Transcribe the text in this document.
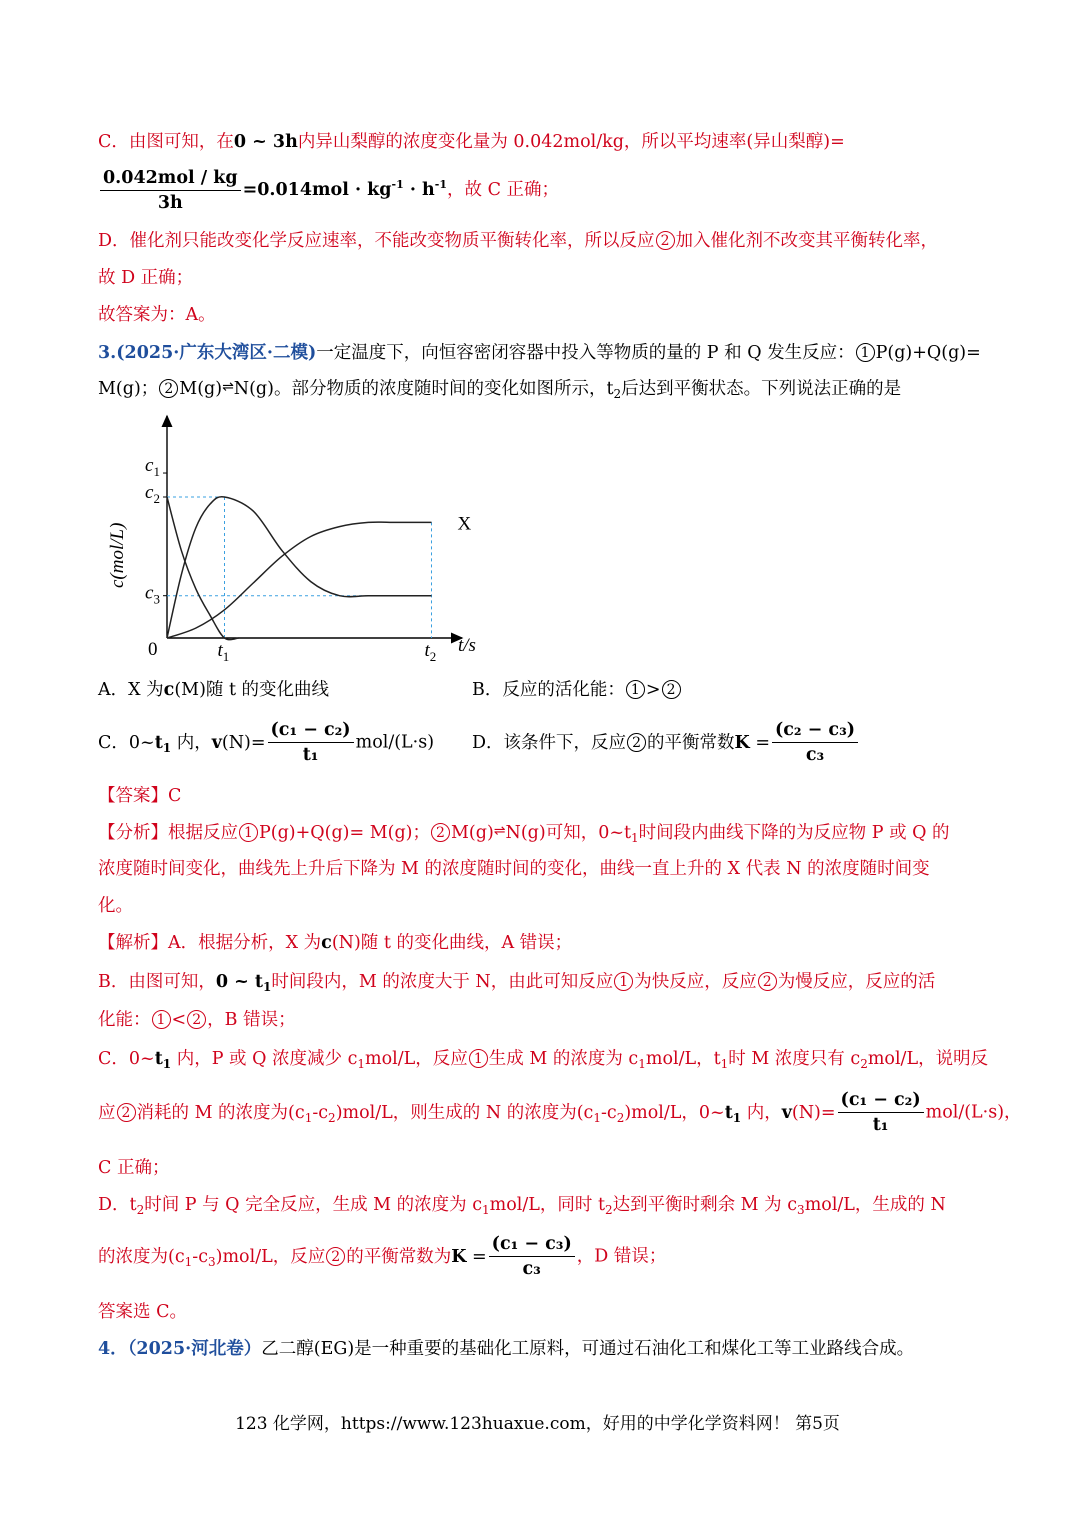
C．由图可知，在0 ~ 3h内异山梨醇的浓度变化量为 0.042mol/kg，所以平均速率(异山梨醇)=
$\frac{\text{0.042mol / kg}}{3h} =0.014mol \cdot kg^{-1} \cdot h^{-1}$，故 C 正确；
D．催化剂只能改变化学反应速率，不能改变物质平衡转化率，所以反应 2 加入催化剂不改变其平衡转化率，
故 D 正确；
故答案为：A。
3.(2025·广东大湾区·二模)一定温度下，向恒容密闭容器中投入等物质的量的 P 和 Q 发生反应： 1 P(g)+Q(g)=
M(g)； 2 M(g)⇌N(g)。部分物质的浓度随时间的变化如图所示，$t_2$后达到平衡状态。下列说法正确的是
$c_1$
$c_2$
$c_3$
$t_1$	$t_2$
0	t/s
X
c(mol/L)
A．X 为c(M)随 t 的变化曲线	B．反应的活化能： 1 > 2
C．$0\sim t_1$ 内，$v(N)= \frac{\text{(c₁ − c₂)}}{\text{t₁}} mol/(L\cdot s)$ D．该条件下，反应 2 的平衡常数$K = \frac{\text{(c₂ − c₃)}}{\text{c₃}}$
【答案】C
【分析】根据反应 1 P(g)+Q(g)= M(g)； 2 M(g)⇌N(g)可知，$0\sim t_1$时间段内曲线下降的为反应物 P 或 Q 的
浓度随时间变化，曲线先上升后下降为 M 的浓度随时间的变化，曲线一直上升的 X 代表 N 的浓度随时间变
化。
【解析】A．根据分析，X 为c(N)随 t 的变化曲线，A 错误；
B．由图可知，0 ~ $t_1$时间段内，M 的浓度大于 N，由此可知反应 1 为快反应，反应 2 为慢反应，反应的活
化能： 1 < 2 ，B 错误；
C．$0\sim t_1$ 内，P 或 Q 浓度减少 $c_1mol/L$，反应 1 生成 M 的浓度为 $c_1mol/L$，$t_1$时 M 浓度只有 $c_2mol/L$，说明反
应 2 消耗的 M 的浓度为$(c_1-c_2)mol/L$，则生成的 N 的浓度为$(c_1-c_2)mol/L$，$0\sim t_1$ 内，$v(N)= \frac{\text{(c₁ − c₂)}}{\text{t₁}} mol/(L\cdot s)$，
C 正确；
D．$t_2$时间 P 与 Q 完全反应，生成 M 的浓度为 $c_1mol/L$，同时 $t_2$达到平衡时剩余 M 为 $c_3mol/L$，生成的 N
的浓度为$(c_1-c_3)mol/L$，反应 2 的平衡常数为$K = \frac{\text{(c₁ − c₃)}}{\text{c₃}}$ ，D 错误；
答案选 C。
4．（2025·河北卷）乙二醇(EG)是一种重要的基础化工原料，可通过石油化工和煤化工等工业路线合成。
123 化学网，https://www.123huaxue.com，好用的中学化学资料网！ 第5页
